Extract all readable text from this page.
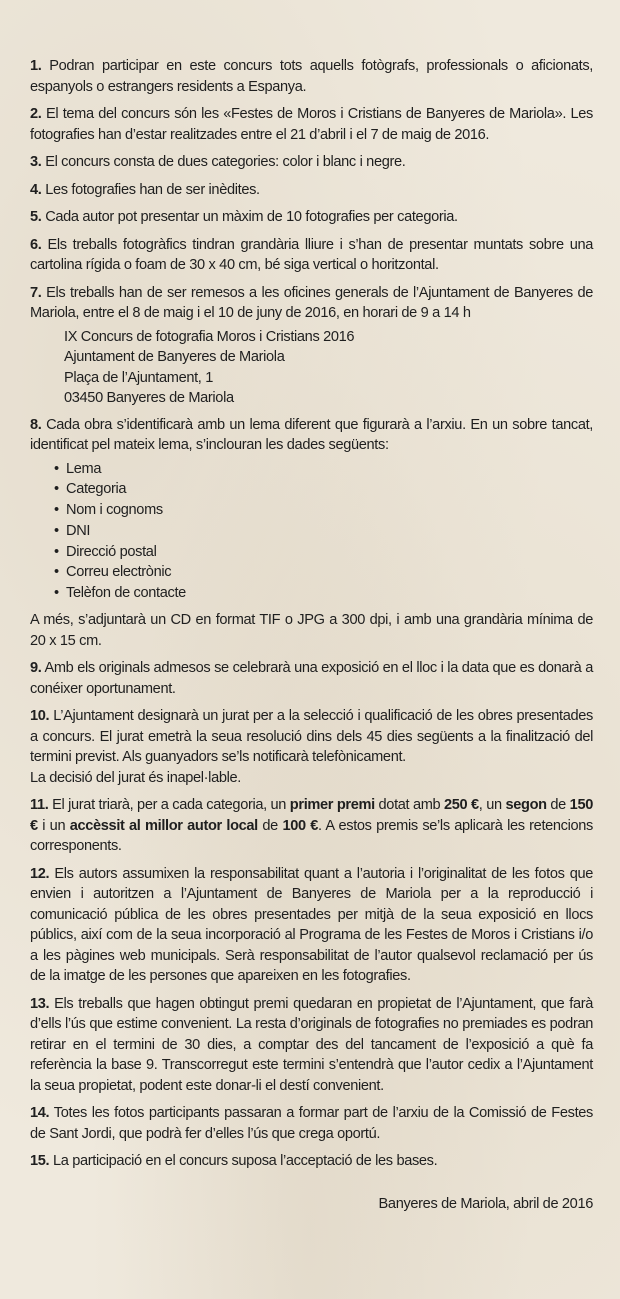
1. Podran participar en este concurs tots aquells fotògrafs, professionals o aficionats, espanyols o estrangers residents a Espanya.

2. El tema del concurs són les «Festes de Moros i Cristians de Banyeres de Mariola». Les fotografies han d’estar realitzades entre el 21 d’abril i el 7 de maig de 2016.

3. El concurs consta de dues categories: color i blanc i negre.

4. Les fotografies han de ser inèdites.

5. Cada autor pot presentar un màxim de 10 fotografies per categoria.

6. Els treballs fotogràfics tindran grandària lliure i s’han de presentar muntats sobre una cartolina rígida o foam de 30 x 40 cm, bé siga vertical o horitzontal.

7. Els treballs han de ser remesos a les oficines generals de l’Ajuntament de Banyeres de Mariola, entre el 8 de maig i el 10 de juny de 2016, en horari de 9 a 14 h

IX Concurs de fotografia Moros i Cristians 2016
Ajuntament de Banyeres de Mariola
Plaça de l’Ajuntament, 1
03450 Banyeres de Mariola

8. Cada obra s’identificarà amb un lema diferent que figurarà a l’arxiu. En un sobre tancat, identificat pel mateix lema, s’inclouran les dades següents:

• Lema
• Categoria
• Nom i cognoms
• DNI
• Direcció postal
• Correu electrònic
• Telèfon de contacte

A més, s’adjuntarà un CD en format TIF o JPG a 300 dpi, i amb una grandària mínima de 20 x 15 cm.

9. Amb els originals admesos se celebrarà una exposició en el lloc i la data que es donarà a conéixer oportunament.

10. L’Ajuntament designarà un jurat per a la selecció i qualificació de les obres presentades a concurs. El jurat emetrà la seua resolució dins dels 45 dies següents a la finalització del termini previst. Als guanyadors se’ls notificarà telefònicament.
La decisió del jurat és inapel·lable.

11. El jurat triarà, per a cada categoria, un primer premi dotat amb 250 €, un segon de 150 € i un accèssit al millor autor local de 100 €. A estos premis se’ls aplicarà les retencions corresponents.

12. Els autors assumixen la responsabilitat quant a l’autoria i l’originalitat de les fotos que envien i autoritzen a l’Ajuntament de Banyeres de Mariola per a la reproducció i comunicació pública de les obres presentades per mitjà de la seua exposició en llocs públics, així com de la seua incorporació al Programa de les Festes de Moros i Cristians i/o a les pàgines web municipals. Serà responsabilitat de l’autor qualsevol reclamació per ús de la imatge de les persones que apareixen en les fotografies.

13. Els treballs que hagen obtingut premi quedaran en propietat de l’Ajuntament, que farà d’ells l’ús que estime convenient. La resta d’originals de fotografies no premiades es podran retirar en el termini de 30 dies, a comptar des del tancament de l’exposició a què fa referència la base 9. Transcorregut este termini s’entendrà que l’autor cedix a l’Ajuntament la seua propietat, podent este donar-li el destí convenient.

14. Totes les fotos participants passaran a formar part de l’arxiu de la Comissió de Festes de Sant Jordi, que podrà fer d’elles l’ús que crega oportú.

15. La participació en el concurs suposa l’acceptació de les bases.

Banyeres de Mariola, abril de 2016
